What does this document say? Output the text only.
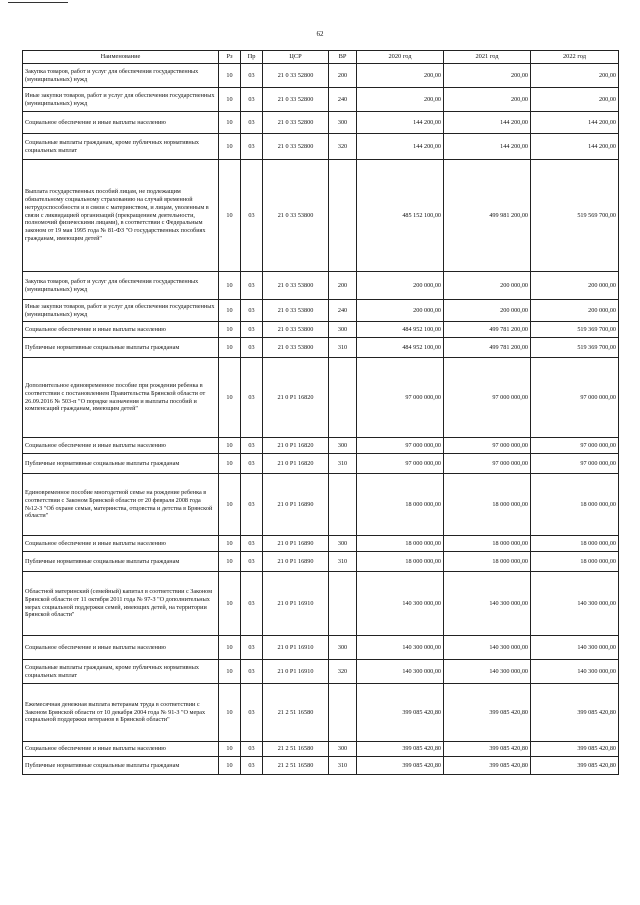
62
Наименование	Рз	Пр	ЦСР	ВР	2020 год	2021 год	2022 год
Закупка товаров, работ и услуг для обеспечения государственных (муниципальных) нужд	10	03	21 0 33 52800	200	200,00	200,00	200,00
Иные закупки товаров, работ и услуг для обеспечения государственных (муниципальных) нужд	10	03	21 0 33 52800	240	200,00	200,00	200,00
Социальное обеспечение и иные выплаты населению	10	03	21 0 33 52800	300	144 200,00	144 200,00	144 200,00
Социальные выплаты гражданам, кроме публичных нормативных социальных выплат	10	03	21 0 33 52800	320	144 200,00	144 200,00	144 200,00
Выплата государственных пособий лицам, не подлежащим обязательному социальному страхованию на случай временной нетрудоспособности и в связи с материнством, и лицам, уволенным в связи с ликвидацией организаций (прекращением деятельности, полномочий физическими лицами), в соответствии с Федеральным законом от 19 мая 1995 года № 81-ФЗ "О государственных пособиях гражданам, имеющим детей"	10	03	21 0 33 53800		485 152 100,00	499 981 200,00	519 569 700,00
Закупка товаров, работ и услуг для обеспечения государственных (муниципальных) нужд	10	03	21 0 33 53800	200	200 000,00	200 000,00	200 000,00
Иные закупки товаров, работ и услуг для обеспечения государственных (муниципальных) нужд	10	03	21 0 33 53800	240	200 000,00	200 000,00	200 000,00
Социальное обеспечение и иные выплаты населению	10	03	21 0 33 53800	300	484 952 100,00	499 781 200,00	519 369 700,00
Публичные нормативные социальные выплаты гражданам	10	03	21 0 33 53800	310	484 952 100,00	499 781 200,00	519 369 700,00
Дополнительное единовременное пособие при рождении ребенка в соответствии с постановлением Правительства Брянской области от 26.09.2016 № 503-п "О порядке назначения и выплаты пособий и компенсаций гражданам, имеющим детей"	10	03	21 0 P1 16820		97 000 000,00	97 000 000,00	97 000 000,00
Социальное обеспечение и иные выплаты населению	10	03	21 0 P1 16820	300	97 000 000,00	97 000 000,00	97 000 000,00
Публичные нормативные социальные выплаты гражданам	10	03	21 0 P1 16820	310	97 000 000,00	97 000 000,00	97 000 000,00
Единовременное пособие многодетной семье на рождение ребенка в соответствии с Законом Брянской области от 20 февраля 2008 года №12-З "Об охране семьи, материнства, отцовства и детства в Брянской области"	10	03	21 0 P1 16890		18 000 000,00	18 000 000,00	18 000 000,00
Социальное обеспечение и иные выплаты населению	10	03	21 0 P1 16890	300	18 000 000,00	18 000 000,00	18 000 000,00
Публичные нормативные социальные выплаты гражданам	10	03	21 0 P1 16890	310	18 000 000,00	18 000 000,00	18 000 000,00
Областной материнский (семейный) капитал в соответствии с Законом Брянской области от 11 октября 2011 года № 97-З "О дополнительных мерах социальной поддержки семей, имеющих детей, на территории Брянской области"	10	03	21 0 P1 16910		140 300 000,00	140 300 000,00	140 300 000,00
Социальное обеспечение и иные выплаты населению	10	03	21 0 P1 16910	300	140 300 000,00	140 300 000,00	140 300 000,00
Социальные выплаты гражданам, кроме публичных нормативных социальных выплат	10	03	21 0 P1 16910	320	140 300 000,00	140 300 000,00	140 300 000,00
Ежемесячная денежная выплата ветеранам труда в соответствии с Законом Брянской области от 10 декабря 2004 года № 91-З "О мерах социальной поддержки ветеранов в Брянской области"	10	03	21 2 51 16580		399 085 420,80	399 085 420,80	399 085 420,80
Социальное обеспечение и иные выплаты населению	10	03	21 2 51 16580	300	399 085 420,80	399 085 420,80	399 085 420,80
Публичные нормативные социальные выплаты гражданам	10	03	21 2 51 16580	310	399 085 420,80	399 085 420,80	399 085 420,80
